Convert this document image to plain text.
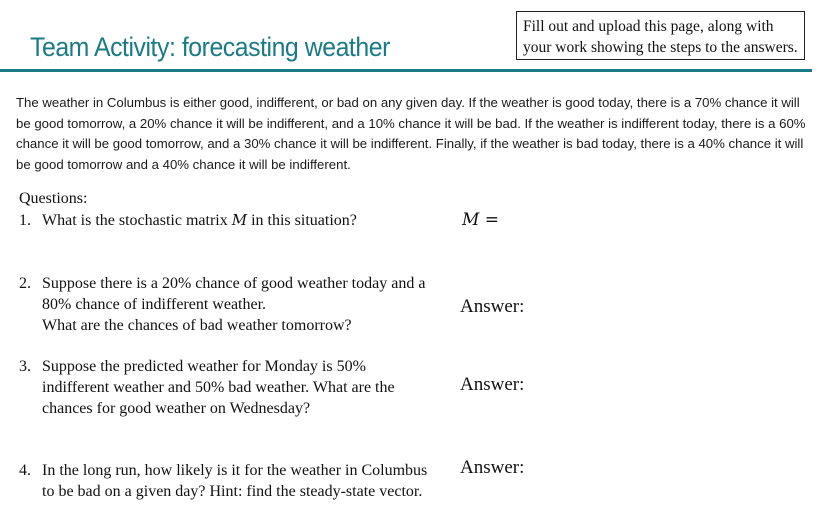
Team Activity: forecasting weather
Fill out and upload this page, along with your work showing the steps to the answers.
The weather in Columbus is either good, indifferent, or bad on any given day. If the weather is good today, there is a 70% chance it will be good tomorrow, a 20% chance it will be indifferent, and a 10% chance it will be bad. If the weather is indifferent today, there is a 60% chance it will be good tomorrow, and a 30% chance it will be indifferent. Finally, if the weather is bad today, there is a 40% chance it will be good tomorrow and a 40% chance it will be indifferent.
Questions:
1. What is the stochastic matrix M in this situation?	M =
2. Suppose there is a 20% chance of good weather today and a
80% chance of indifferent weather.
What are the chances of bad weather tomorrow?
Answer:
3. Suppose the predicted weather for Monday is 50%
indifferent weather and 50% bad weather. What are the
chances for good weather on Wednesday?
Answer:
4. In the long run, how likely is it for the weather in Columbus
to be bad on a given day? Hint: find the steady-state vector.
Answer:
